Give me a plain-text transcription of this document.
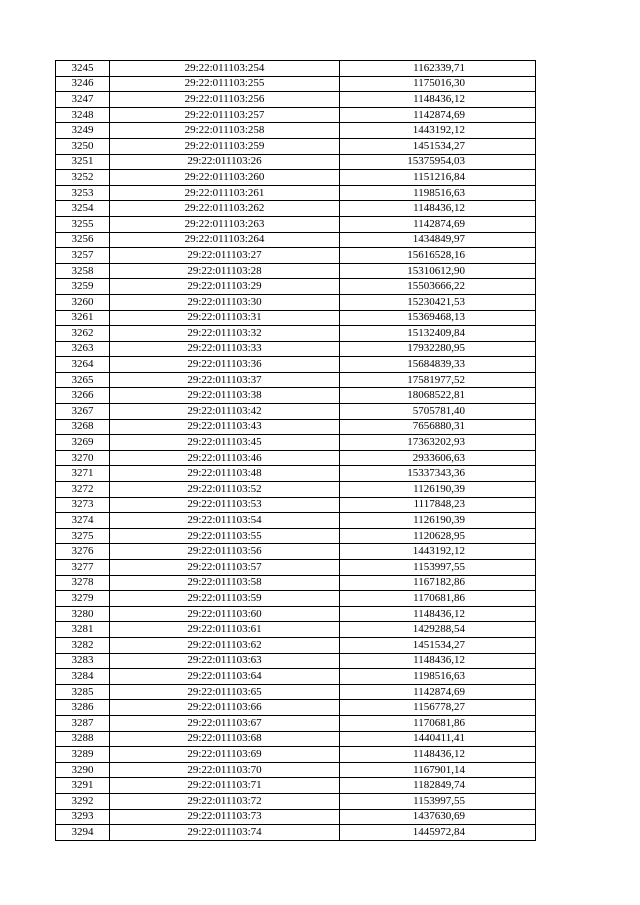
3245	29:22:011103:254	1162339,71
3246	29:22:011103:255	1175016,30
3247	29:22:011103:256	1148436,12
3248	29:22:011103:257	1142874,69
3249	29:22:011103:258	1443192,12
3250	29:22:011103:259	1451534,27
3251	29:22:011103:26	15375954,03
3252	29:22:011103:260	1151216,84
3253	29:22:011103:261	1198516,63
3254	29:22:011103:262	1148436,12
3255	29:22:011103:263	1142874,69
3256	29:22:011103:264	1434849,97
3257	29:22:011103:27	15616528,16
3258	29:22:011103:28	15310612,90
3259	29:22:011103:29	15503666,22
3260	29:22:011103:30	15230421,53
3261	29:22:011103:31	15369468,13
3262	29:22:011103:32	15132409,84
3263	29:22:011103:33	17932280,95
3264	29:22:011103:36	15684839,33
3265	29:22:011103:37	17581977,52
3266	29:22:011103:38	18068522,81
3267	29:22:011103:42	5705781,40
3268	29:22:011103:43	7656880,31
3269	29:22:011103:45	17363202,93
3270	29:22:011103:46	2933606,63
3271	29:22:011103:48	15337343,36
3272	29:22:011103:52	1126190,39
3273	29:22:011103:53	1117848,23
3274	29:22:011103:54	1126190,39
3275	29:22:011103:55	1120628,95
3276	29:22:011103:56	1443192,12
3277	29:22:011103:57	1153997,55
3278	29:22:011103:58	1167182,86
3279	29:22:011103:59	1170681,86
3280	29:22:011103:60	1148436,12
3281	29:22:011103:61	1429288,54
3282	29:22:011103:62	1451534,27
3283	29:22:011103:63	1148436,12
3284	29:22:011103:64	1198516,63
3285	29:22:011103:65	1142874,69
3286	29:22:011103:66	1156778,27
3287	29:22:011103:67	1170681,86
3288	29:22:011103:68	1440411,41
3289	29:22:011103:69	1148436,12
3290	29:22:011103:70	1167901,14
3291	29:22:011103:71	1182849,74
3292	29:22:011103:72	1153997,55
3293	29:22:011103:73	1437630,69
3294	29:22:011103:74	1445972,84
